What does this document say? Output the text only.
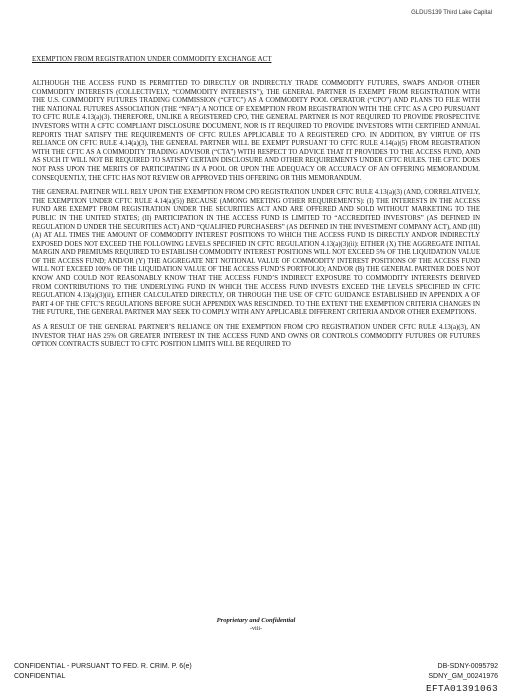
GLDUS139 Third Lake Capital
EXEMPTION FROM REGISTRATION UNDER COMMODITY EXCHANGE ACT

ALTHOUGH THE ACCESS FUND IS PERMITTED TO DIRECTLY OR INDIRECTLY TRADE COMMODITY FUTURES, SWAPS AND/OR OTHER COMMODITY INTERESTS (COLLECTIVELY, “COMMODITY INTERESTS”), THE GENERAL PARTNER IS EXEMPT FROM REGISTRATION WITH THE U.S. COMMODITY FUTURES TRADING COMMISSION (“CFTC”) AS A COMMODITY POOL OPERATOR (“CPO”) AND PLANS TO FILE WITH THE NATIONAL FUTURES ASSOCIATION (THE “NFA”) A NOTICE OF EXEMPTION FROM REGISTRATION WITH THE CFTC AS A CPO PURSUANT TO CFTC RULE 4.13(a)(3). THEREFORE, UNLIKE A REGISTERED CPO, THE GENERAL PARTNER IS NOT REQUIRED TO PROVIDE PROSPECTIVE INVESTORS WITH A CFTC COMPLIANT DISCLOSURE DOCUMENT, NOR IS IT REQUIRED TO PROVIDE INVESTORS WITH CERTIFIED ANNUAL REPORTS THAT SATISFY THE REQUIREMENTS OF CFTC RULES APPLICABLE TO A REGISTERED CPO. IN ADDITION, BY VIRTUE OF ITS RELIANCE ON CFTC RULE 4.14(a)(3), THE GENERAL PARTNER WILL BE EXEMPT PURSUANT TO CFTC RULE 4.14(a)(5) FROM REGISTRATION WITH THE CFTC AS A COMMODITY TRADING ADVISOR (“CTA”) WITH RESPECT TO ADVICE THAT IT PROVIDES TO THE ACCESS FUND, AND AS SUCH IT WILL NOT BE REQUIRED TO SATISFY CERTAIN DISCLOSURE AND OTHER REQUIREMENTS UNDER CFTC RULES. THE CFTC DOES NOT PASS UPON THE MERITS OF PARTICIPATING IN A POOL OR UPON THE ADEQUACY OR ACCURACY OF AN OFFERING MEMORANDUM. CONSEQUENTLY, THE CFTC HAS NOT REVIEW OR APPROVED THIS OFFERING OR THIS MEMORANDUM.

THE GENERAL PARTNER WILL RELY UPON THE EXEMPTION FROM CPO REGISTRATION UNDER CFTC RULE 4.13(a)(3) (AND, CORRELATIVELY, THE EXEMPTION UNDER CFTC RULE 4.14(a)(5)) BECAUSE (AMONG MEETING OTHER REQUIREMENTS): (I) THE INTERESTS IN THE ACCESS FUND ARE EXEMPT FROM REGISTRATION UNDER THE SECURITIES ACT AND ARE OFFERED AND SOLD WITHOUT MARKETING TO THE PUBLIC IN THE UNITED STATES; (II) PARTICIPATION IN THE ACCESS FUND IS LIMITED TO “ACCREDITED INVESTORS” (AS DEFINED IN REGULATION D UNDER THE SECURITIES ACT) AND “QUALIFIED PURCHASERS” (AS DEFINED IN THE INVESTMENT COMPANY ACT), AND (III) (A) AT ALL TIMES THE AMOUNT OF COMMODITY INTEREST POSITIONS TO WHICH THE ACCESS FUND IS DIRECTLY AND/OR INDIRECTLY EXPOSED DOES NOT EXCEED THE FOLLOWING LEVELS SPECIFIED IN CFTC REGULATION 4.13(a)(3)(ii): EITHER (X) THE AGGREGATE INITIAL MARGIN AND PREMIUMS REQUIRED TO ESTABLISH COMMODITY INTEREST POSITIONS WILL NOT EXCEED 5% OF THE LIQUIDATION VALUE OF THE ACCESS FUND; AND/OR (Y) THE AGGREGATE NET NOTIONAL VALUE OF COMMODITY INTEREST POSITIONS OF THE ACCESS FUND WILL NOT EXCEED 100% OF THE LIQUIDATION VALUE OF THE ACCESS FUND’S PORTFOLIO; AND/OR (B) THE GENERAL PARTNER DOES NOT KNOW AND COULD NOT REASONABLY KNOW THAT THE ACCESS FUND’S INDIRECT EXPOSURE TO COMMODITY INTERESTS DERIVED FROM CONTRIBUTIONS TO THE UNDERLYING FUND IN WHICH THE ACCESS FUND INVESTS EXCEED THE LEVELS SPECIFIED IN CFTC REGULATION 4.13(a)(3)(ii), EITHER CALCULATED DIRECTLY, OR THROUGH THE USE OF CFTC GUIDANCE ESTABLISHED IN APPENDIX A OF PART 4 OF THE CFTC’S REGULATIONS BEFORE SUCH APPENDIX WAS RESCINDED. TO THE EXTENT THE EXEMPTION CRITERIA CHANGES IN THE FUTURE, THE GENERAL PARTNER MAY SEEK TO COMPLY WITH ANY APPLICABLE DIFFERENT CRITERIA AND/OR OTHER EXEMPTIONS.

AS A RESULT OF THE GENERAL PARTNER’S RELIANCE ON THE EXEMPTION FROM CPO REGISTRATION UNDER CFTC RULE 4.13(a)(3), AN INVESTOR THAT HAS 25% OR GREATER INTEREST IN THE ACCESS FUND AND OWNS OR CONTROLS COMMODITY FUTURES OR FUTURES OPTION CONTRACTS SUBJECT TO CFTC POSITION LIMITS WILL BE REQUIRED TO

Proprietary and Confidential
-viii-
CONFIDENTIAL - PURSUANT TO FED. R. CRIM. P. 6(e)
CONFIDENTIAL
DB-SDNY-0095792
SDNY_GM_00241976
EFTA01391063
